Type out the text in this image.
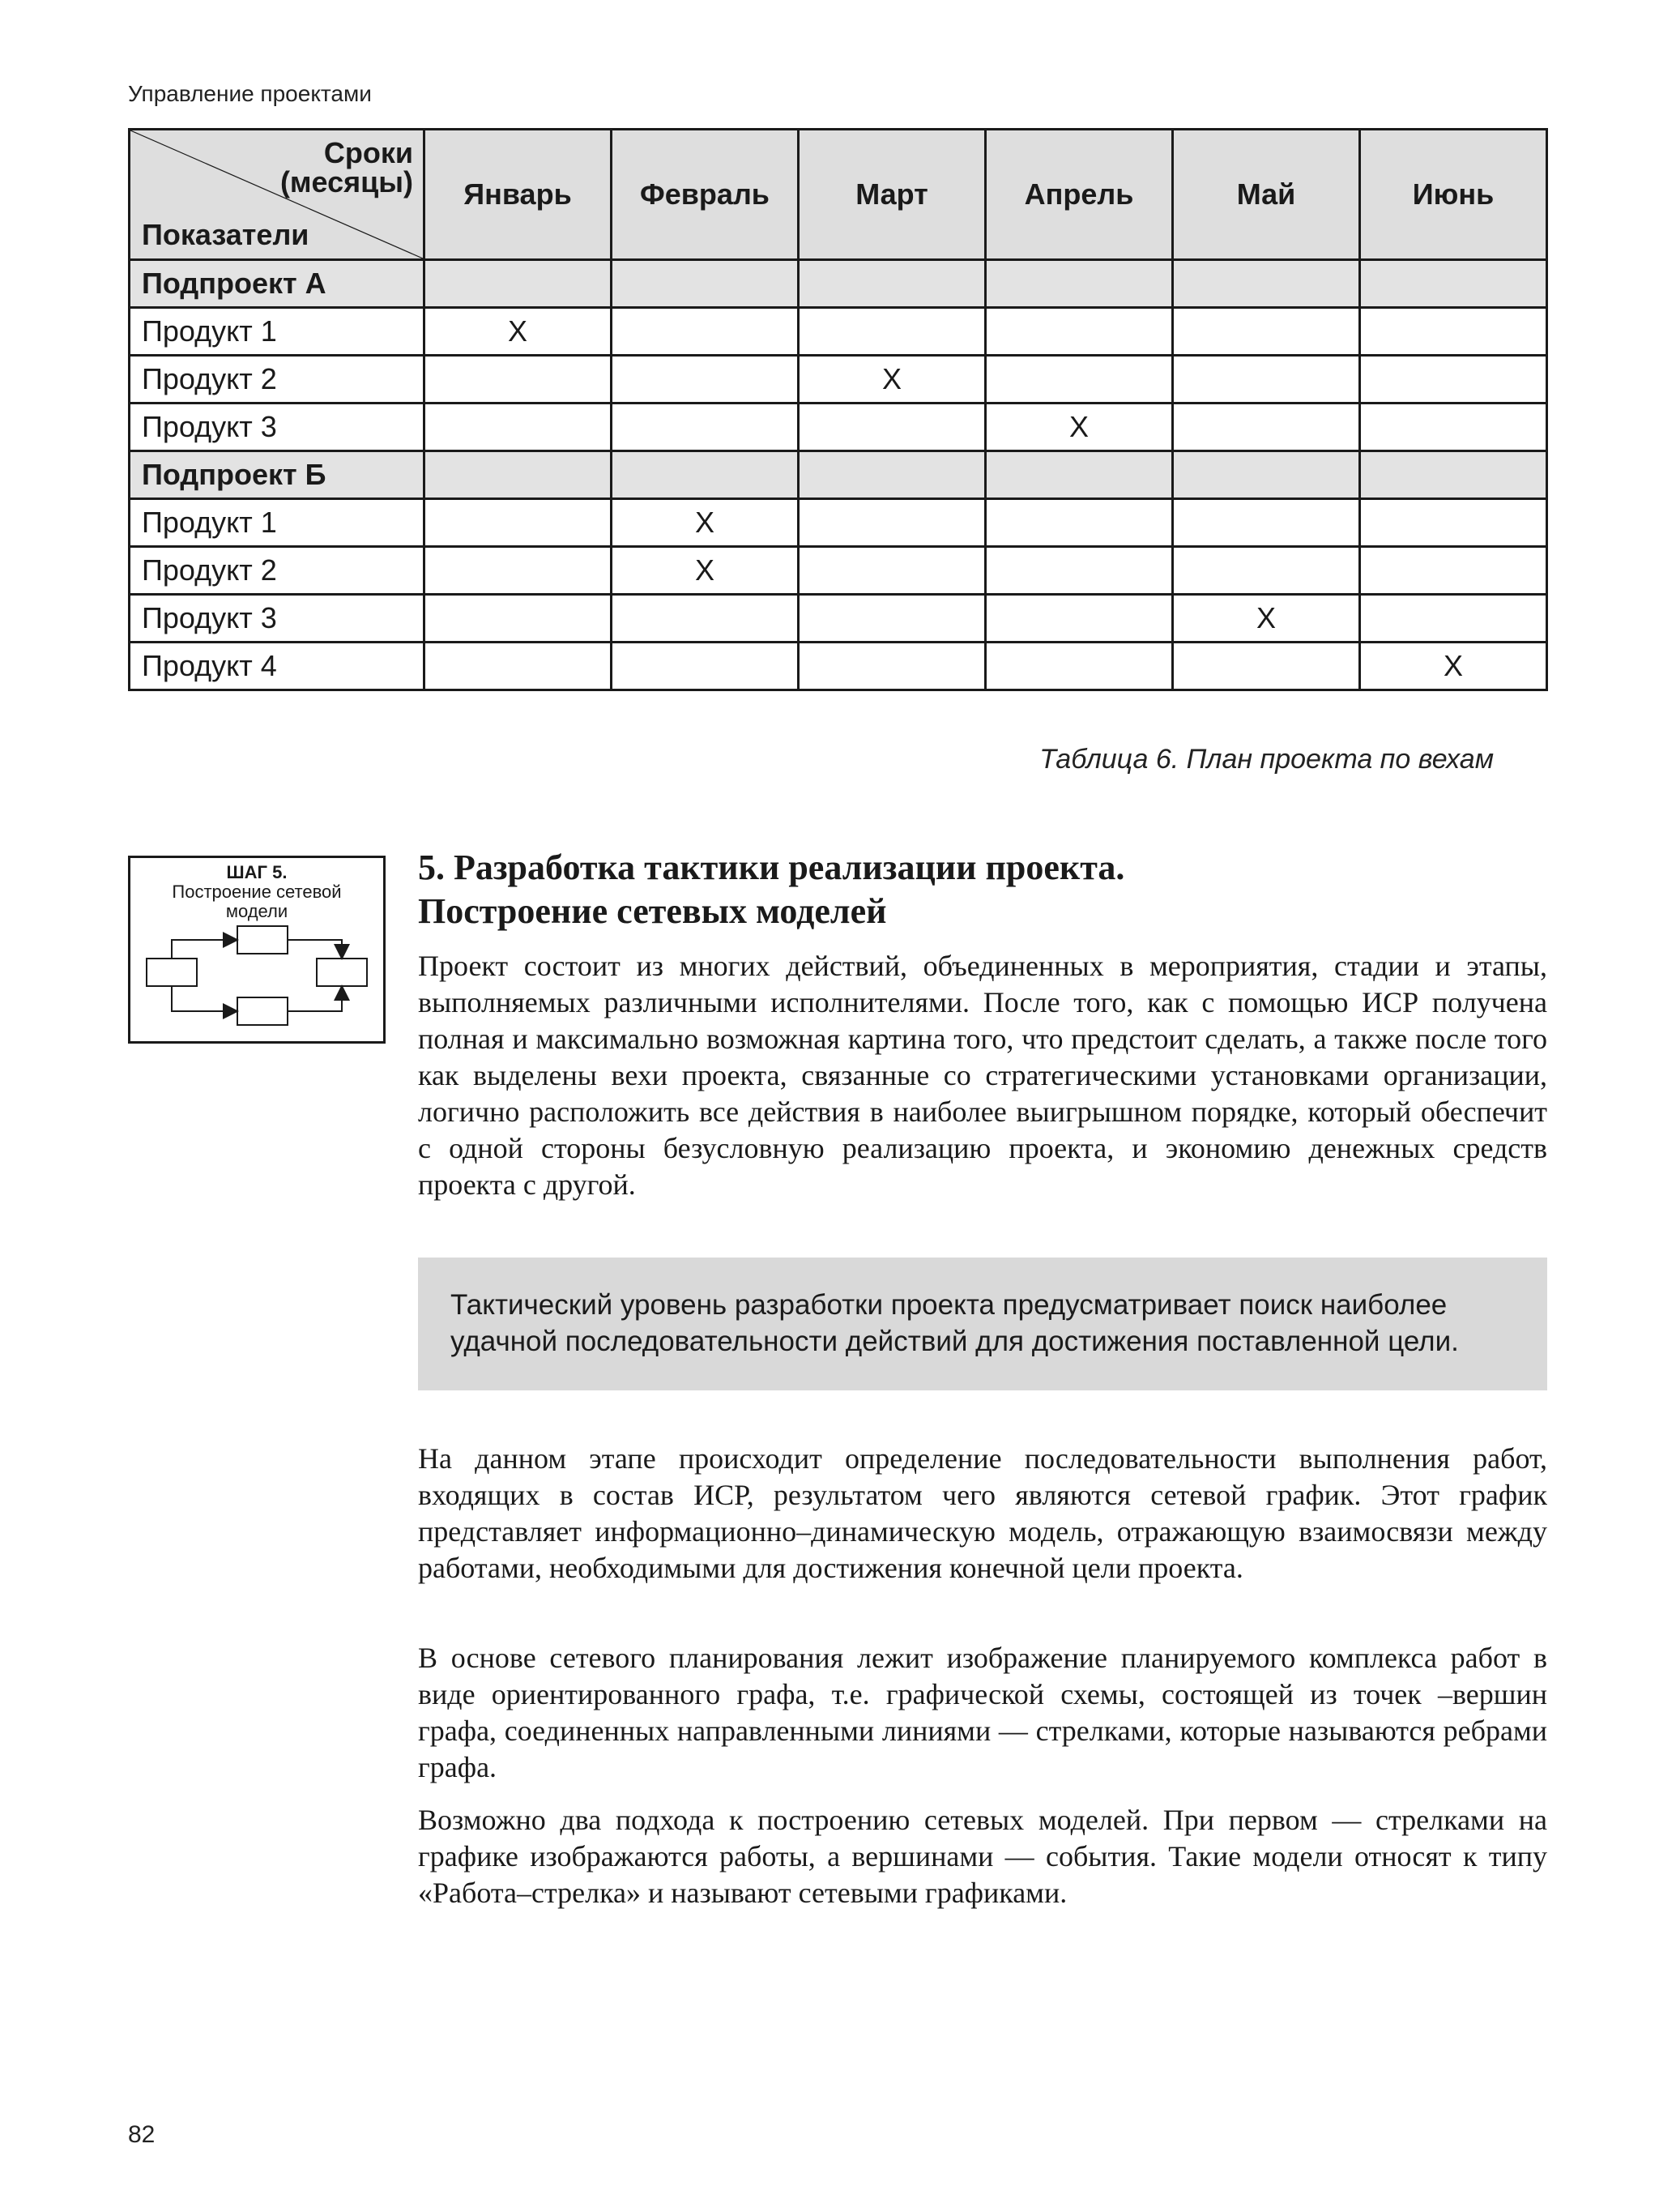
Управление проектами
Сроки
(месяцы)
Показатели	Январь	Февраль	Март	Апрель	Май	Июнь
Подпроект А						
Продукт 1	X					
Продукт 2			X			
Продукт 3				X		
Подпроект Б						
Продукт 1		X				
Продукт 2		X				
Продукт 3					X	
Продукт 4						X
Таблица 6. План проекта по вехам
ШАГ 5.
Построение сетевой
модели
5. Разработка тактики реализации проекта.
Построение сетевых моделей

Проект состоит из многих действий, объединенных в мероприятия, стадии и этапы, выполняемых различными исполнителями. После того, как с помощью ИСР получена полная и максимально возможная картина того, что предстоит сделать, а также после того как выделены вехи проекта, связанные со стратегическими установками организации, логично расположить все действия в наиболее выигрышном порядке, который обеспечит с одной стороны безусловную реализацию проекта, и экономию денежных средств проекта с другой.

Тактический уровень разработки проекта предусматривает поиск наиболее удачной последовательности действий для достижения поставленной цели.

На данном этапе происходит определение последовательности выполнения работ, входящих в состав ИСР, результатом чего являются сетевой график. Этот график представляет информационно–динамическую модель, отражающую взаимосвязи между работами, необходимыми для достижения конечной цели проекта.

В основе сетевого планирования лежит изображение планируемого комплекса работ в виде ориентированного графа, т.е. графической схемы, состоящей из точек –вершин графа, соединенных направленными линиями — стрелками, которые называются ребрами графа.

Возможно два подхода к построению сетевых моделей. При первом — стрелками на графике изображаются работы, а вершинами — события. Такие модели относят к типу «Работа–стрелка» и называют сетевыми графиками.

82
